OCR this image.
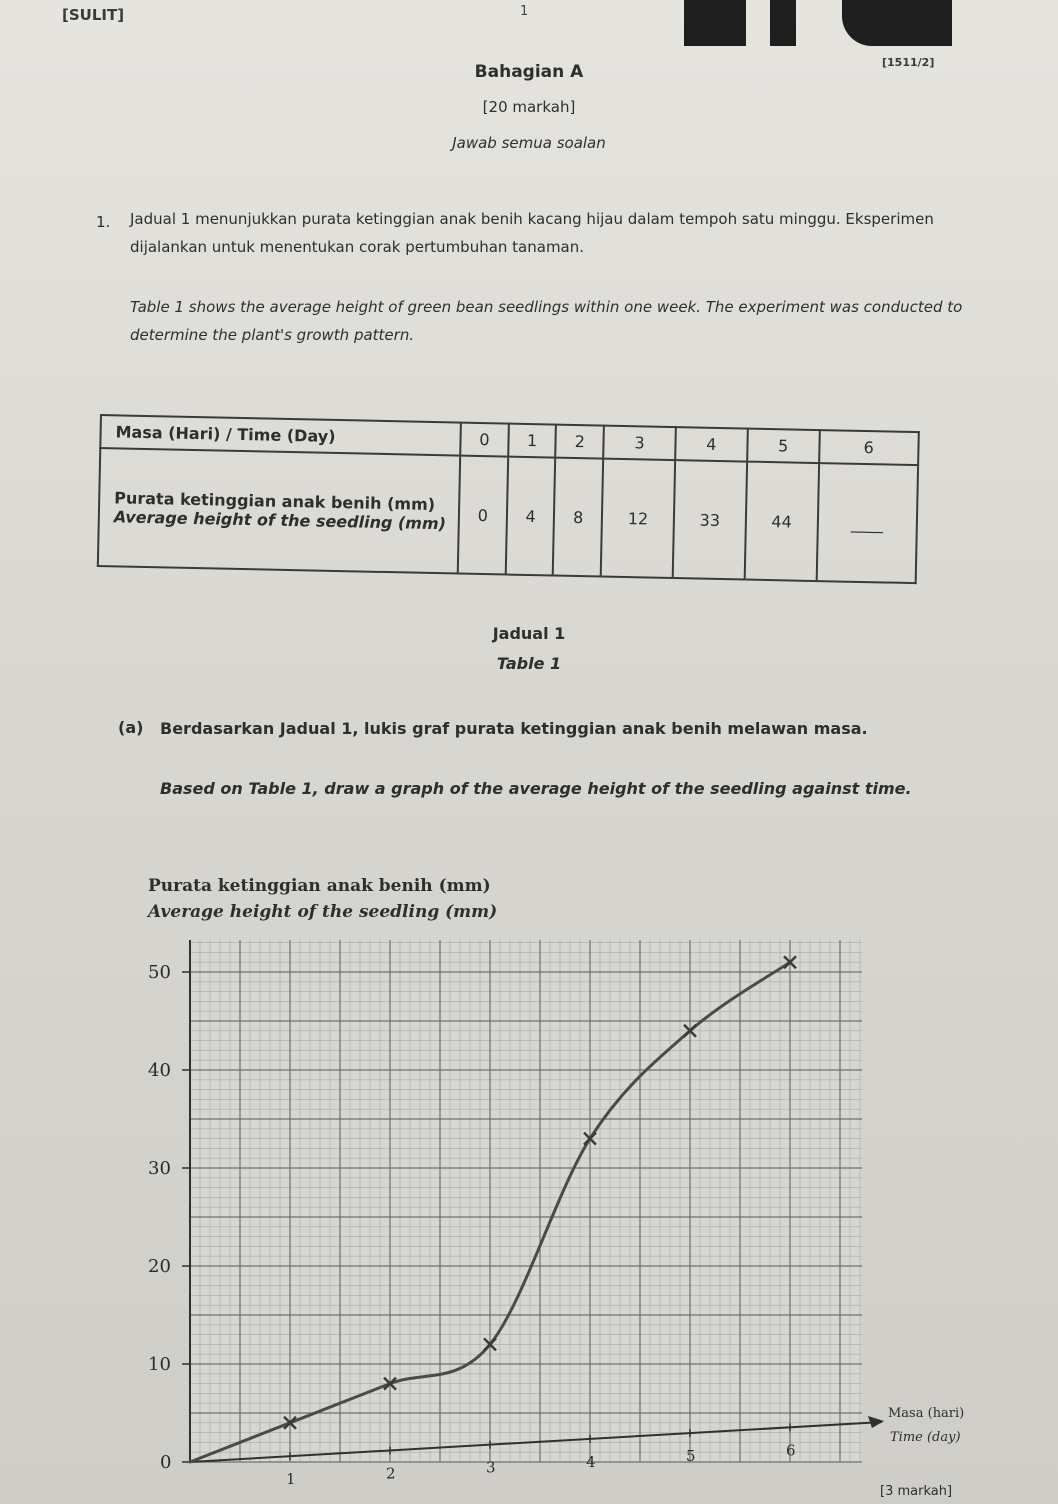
[SULIT]	1
[1511/2]
Bahagian A
[20 markah]
Jawab semua soalan
1. Jadual 1 menunjukkan purata ketinggian anak benih kacang hijau dalam tempoh satu minggu. Eksperimen dijalankan untuk menentukan corak pertumbuhan tanaman.
Table 1 shows the average height of green bean seedlings within one week. The experiment was conducted to determine the plant's growth pattern.
Masa (Hari) / Time (Day)	0	1	2	3	4	5	6

Purata ketinggian anak benih (mm)
Average height of the seedling (mm)	0	4	8	12	33	44	____
Jadual 1
Table 1
(a) Berdasarkan Jadual 1, lukis graf purata ketinggian anak benih melawan masa.
Based on Table 1, draw a graph of the average height of the seedling against time.
Purata ketinggian anak benih (mm)
Average height of the seedling (mm)
0
10
20
30
40
50
1	2	3	4	5	6
Masa (hari)
Time (day)
[3 markah]
